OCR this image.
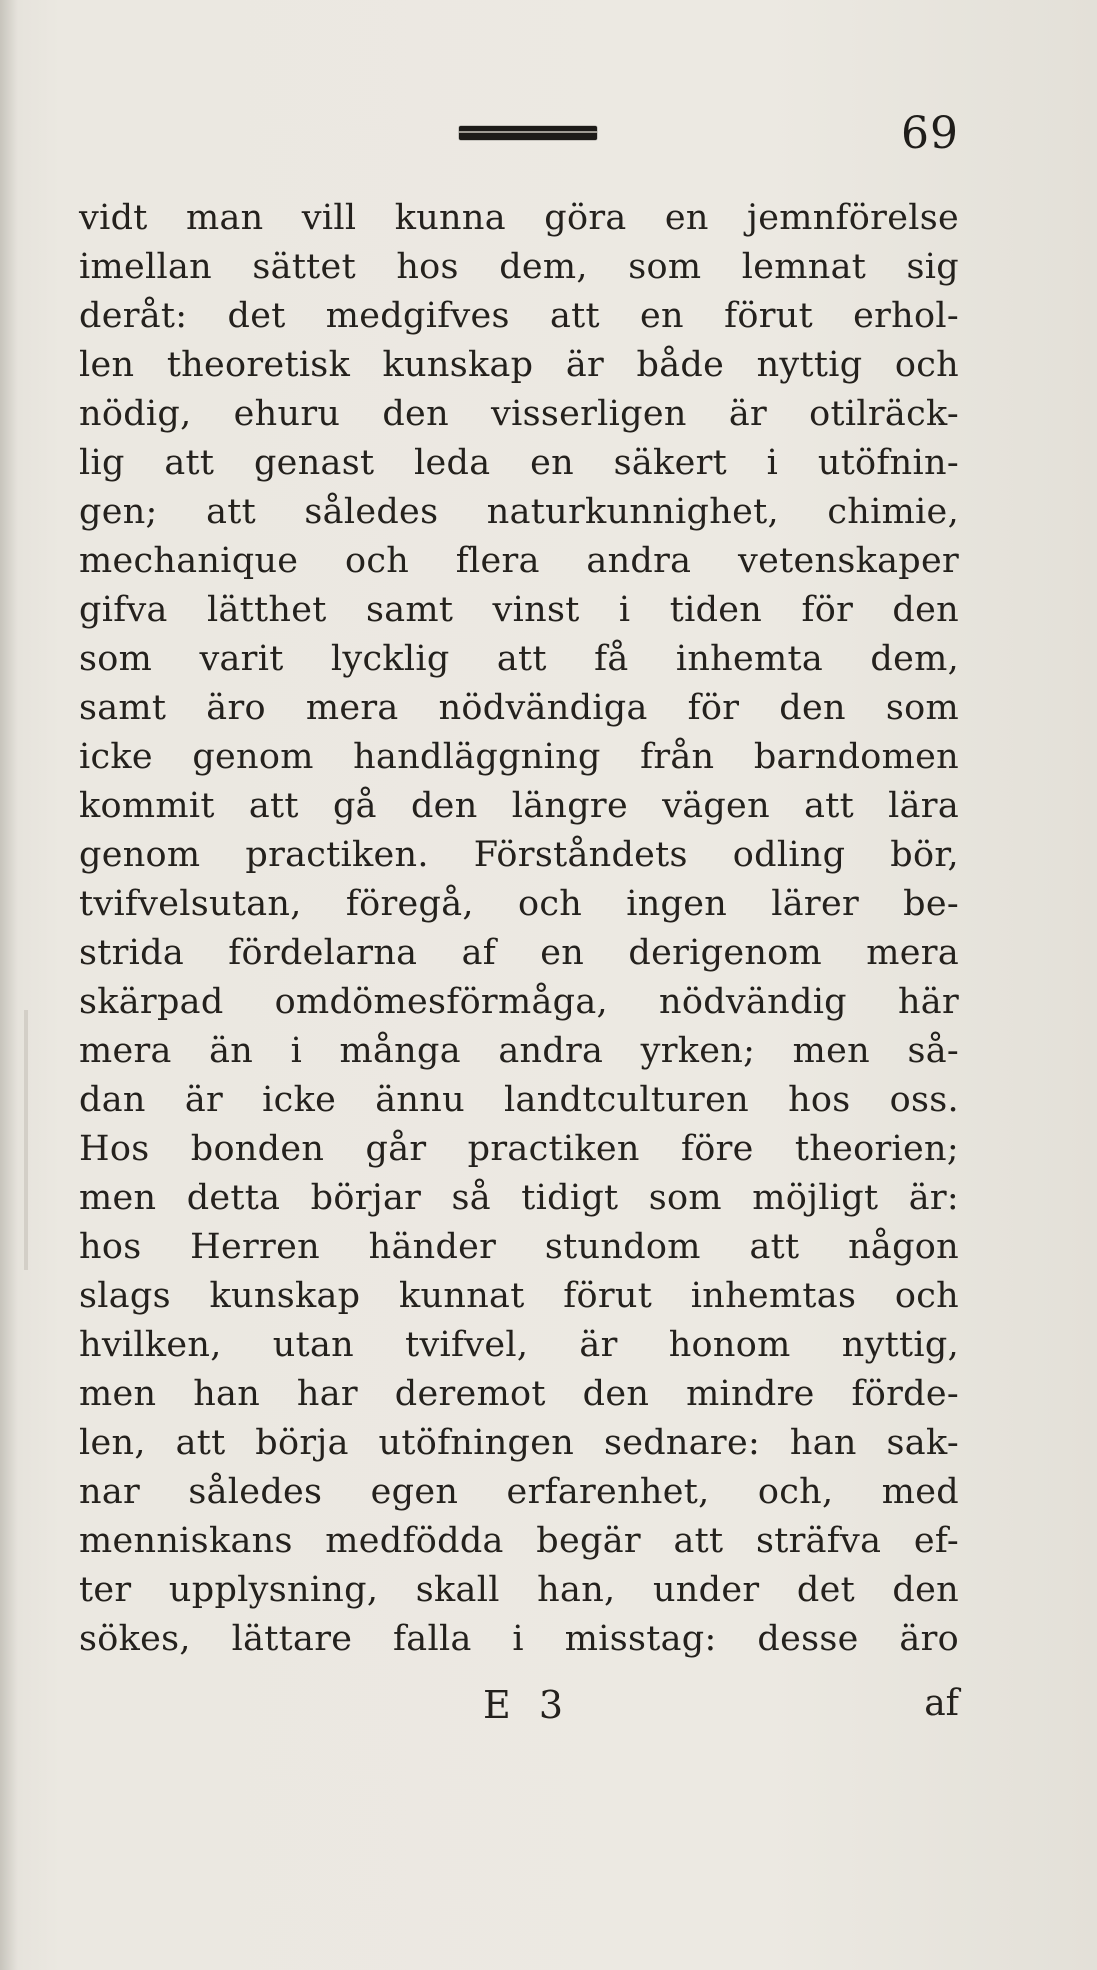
69
vidt man vill kunna göra en jemnförelse
imellan sättet hos dem, som lemnat sig
deråt: det medgifves att en förut erhol-
len theoretisk kunskap är både nyttig och
nödig, ehuru den visserligen är otilräck-
lig att genast leda en säkert i utöfnin-
gen; att således naturkunnighet, chimie,
mechanique och flera andra vetenskaper
gifva lätthet samt vinst i tiden för den
som varit lycklig att få inhemta dem,
samt äro mera nödvändiga för den som
icke genom handläggning från barndomen
kommit att gå den längre vägen att lära
genom practiken. Förståndets odling bör,
tvifvelsutan, föregå, och ingen lärer be-
strida fördelarna af en derigenom mera
skärpad omdömesförmåga, nödvändig här
mera än i många andra yrken; men så-
dan är icke ännu landtculturen hos oss.
Hos bonden går practiken före theorien;
men detta börjar så tidigt som möjligt är:
hos Herren händer stundom att någon
slags kunskap kunnat förut inhemtas och
hvilken, utan tvifvel, är honom nyttig,
men han har deremot den mindre förde-
len, att börja utöfningen sednare: han sak-
nar således egen erfarenhet, och, med
menniskans medfödda begär att sträfva ef-
ter upplysning, skall han, under det den
sökes, lättare falla i misstag: desse äro
E 3	af
